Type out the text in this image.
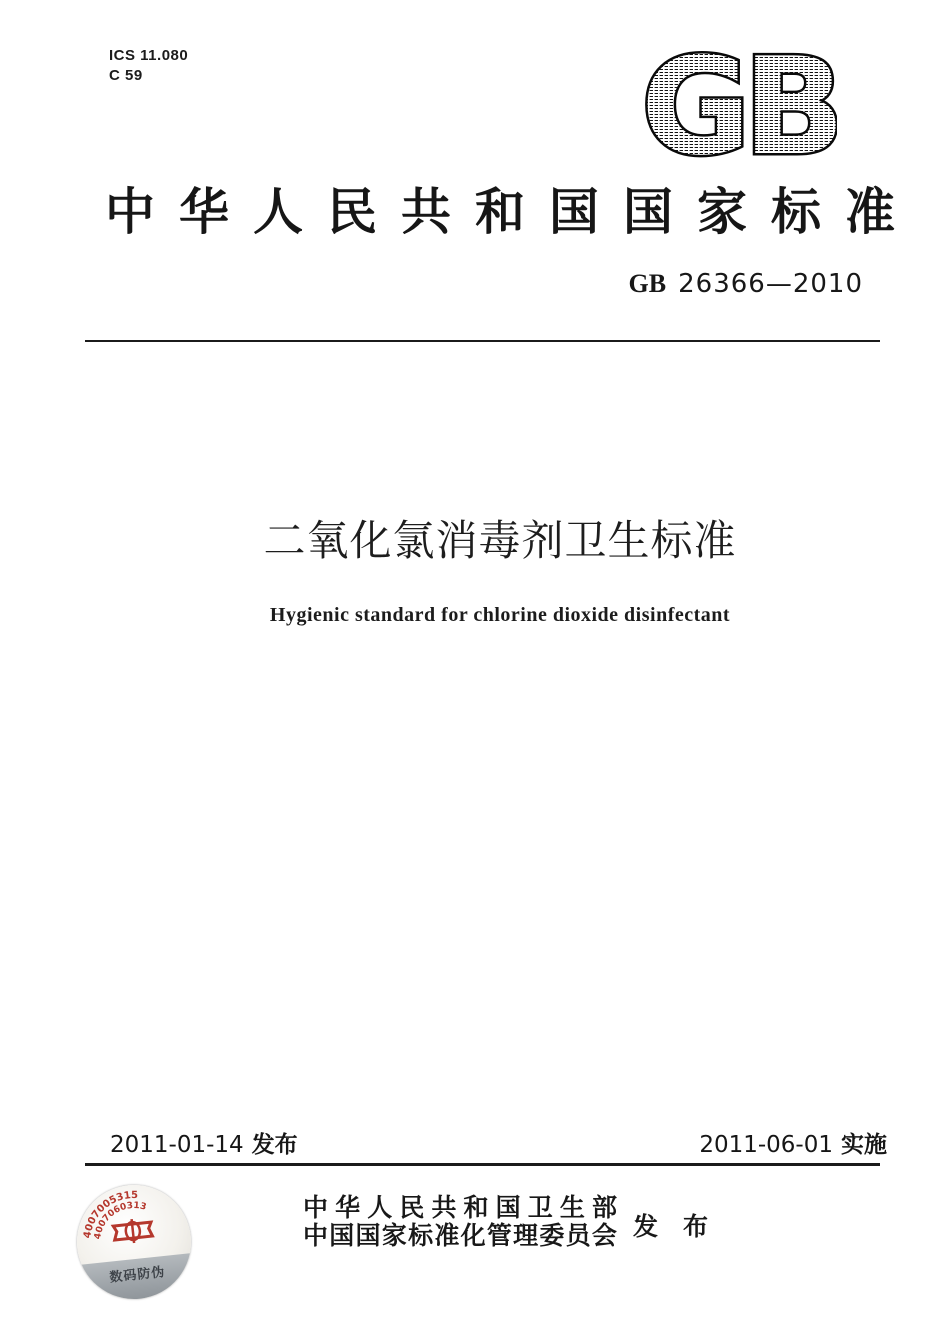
ICS 11.080
C 59	GB
中 华 人 民 共 和 国 国 家 标 准
GB 26366—2010
二氧化氯消毒剂卫生标准
Hygienic standard for chlorine dioxide disinfectant
2011-01-14 发布	2011-06-01 实施
中 华 人 民 共 和 国 卫 生 部
中 国 国 家 标 准 化 管 理 委 员 会 发　布
数码防伪
4007005315
4007060313
